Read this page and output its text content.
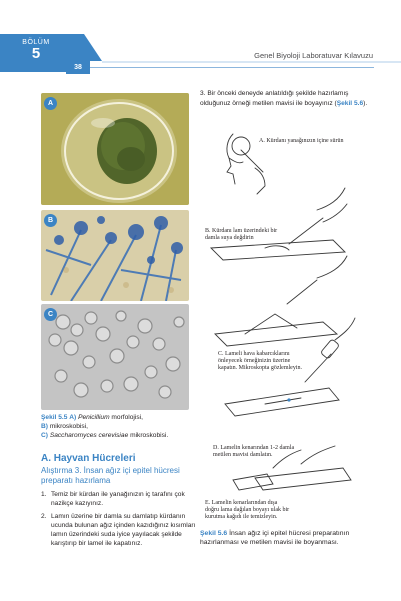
BÖLÜM
5
38
Genel Biyoloji Laboratuvar Kılavuzu
A
B
C
Şekil 5.5 A) Penicillium morfolojisi,
B) mikroskobisi,
C) Saccharomyces cerevisiae mikroskobisi.
A. Hayvan Hücreleri
Alıştırma 3. İnsan ağız içi epitel hücresi
preparatı hazırlama
1. Temiz bir kürdan ile yanağınızın iç tarafını çok nazikçe kazıyınız.
2. Lamın üzerine bir damla su damlatıp kürdanın ucunda bulunan ağız içinden kazıdığınız kısımları lamın üzerindeki suda iyice yayılacak şekilde karıştırıp bir lamel ile kapatınız.
3. Bir önceki deneyde anlatıldığı şekilde hazırlamış olduğunuz örneği metilen mavisi ile boyayınız (Şekil 5.6).
A. Kürdanı yanağınızın içine sürün
B. Kürdanı lam üzerindeki bir
damla suya değdirin
C. Lameli hava kabarcıklarını
önleyecek örneğinizin üzerine
kapatın. Mikroskopta gözlemleyin.
D. Lamelin kenarından 1-2 damla
metilen mavisi damlatın.
E. Lamelin kenarlarından dışa
doğru lama dağılan boyayı ulak bir
kurutma kağıdı ile temizleyin.
Şekil 5.6 İnsan ağız içi epitel hücresi preparatının hazırlanması ve metilen mavisi ile boyanması.
